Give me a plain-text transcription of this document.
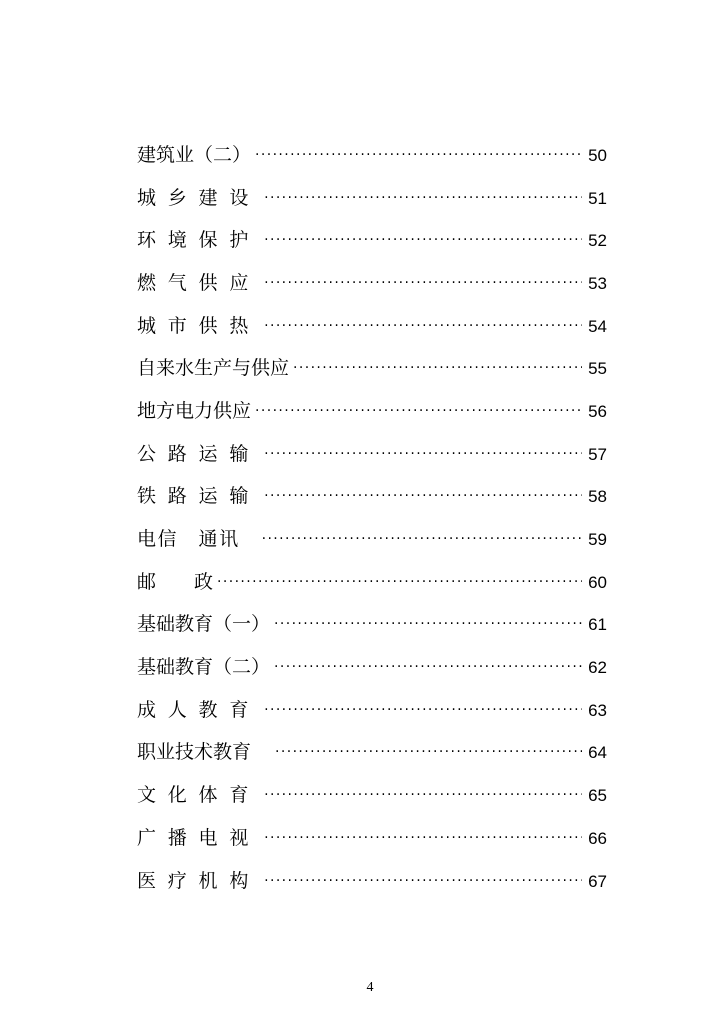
建筑业（二） ·····	50
城乡建设 ·····	51
环境保护 ·····	52
燃气供应 ·····	53
城市供热 ·····	54
自来水生产与供应 ·····	55
地方电力供应 ·····	56
公路运输 ·····	57
铁路运输 ·····	58
电信　通讯 ·····	59
邮　　政 ·····	60
基础教育（一） ·····	61
基础教育（二） ·····	62
成人教育 ·····	63
职业技术教育 ·····	64
文化体育 ·····	65
广播电视 ·····	66
医疗机构 ·····	67
4
